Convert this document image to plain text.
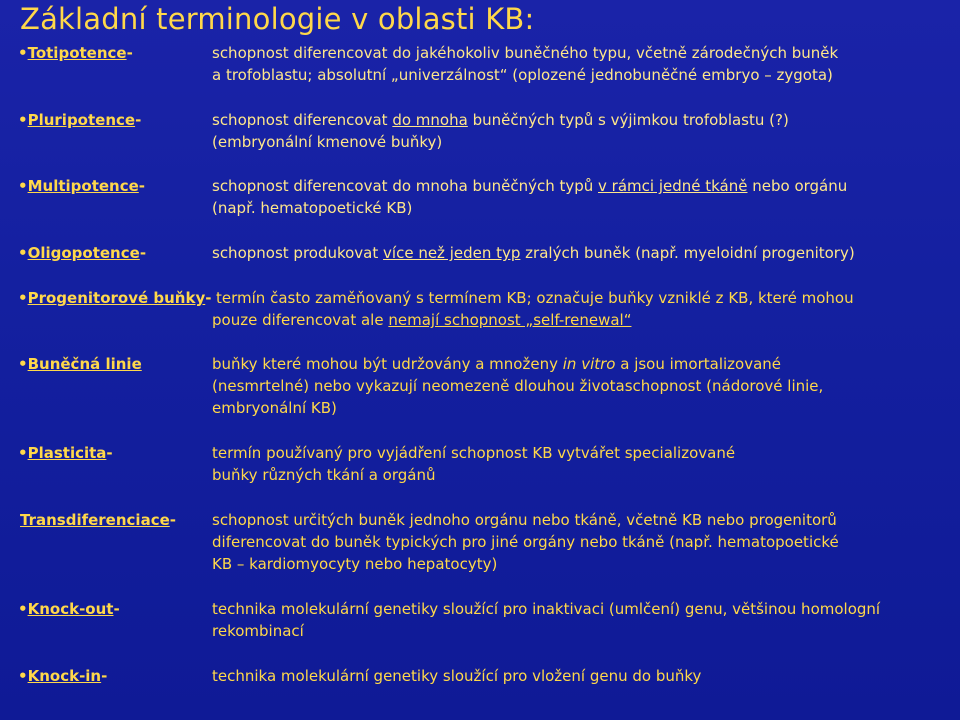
Základní terminologie v oblasti KB:
•Totipotence-	schopnost diferencovat do jakéhokoliv buněčného typu, včetně zárodečných buněk
a trofoblastu; absolutní „univerzálnost“ (oplozené jednobuněčné embryo – zygota)
•Pluripotence-	schopnost diferencovat do mnoha buněčných typů s výjimkou trofoblastu (?)
(embryonální kmenové buňky)
•Multipotence-	schopnost diferencovat do mnoha buněčných typů v rámci jedné tkáně nebo orgánu
(např. hematopoetické KB)
•Oligopotence-	schopnost produkovat více než jeden typ zralých buněk (např. myeloidní progenitory)
•Progenitorové buňky- termín často zaměňovaný s termínem KB; označuje buňky vzniklé z KB, které mohou
pouze diferencovat ale nemají schopnost „self-renewal“
•Buněčná linie	buňky které mohou být udržovány a množeny in vitro a jsou imortalizované
(nesmrtelné) nebo vykazují neomezeně dlouhou životaschopnost (nádorové linie,
embryonální KB)
•Plasticita-	termín používaný pro vyjádření schopnost KB vytvářet specializované
buňky různých tkání a orgánů
Transdiferenciace- schopnost určitých buněk jednoho orgánu nebo tkáně, včetně KB nebo progenitorů
diferencovat do buněk typických pro jiné orgány nebo tkáně (např. hematopoetické
KB – kardiomyocyty nebo hepatocyty)
•Knock-out-	technika molekulární genetiky sloužící pro inaktivaci (umlčení) genu, většinou homologní
rekombinací
•Knock-in-	technika molekulární genetiky sloužící pro vložení genu do buňky
